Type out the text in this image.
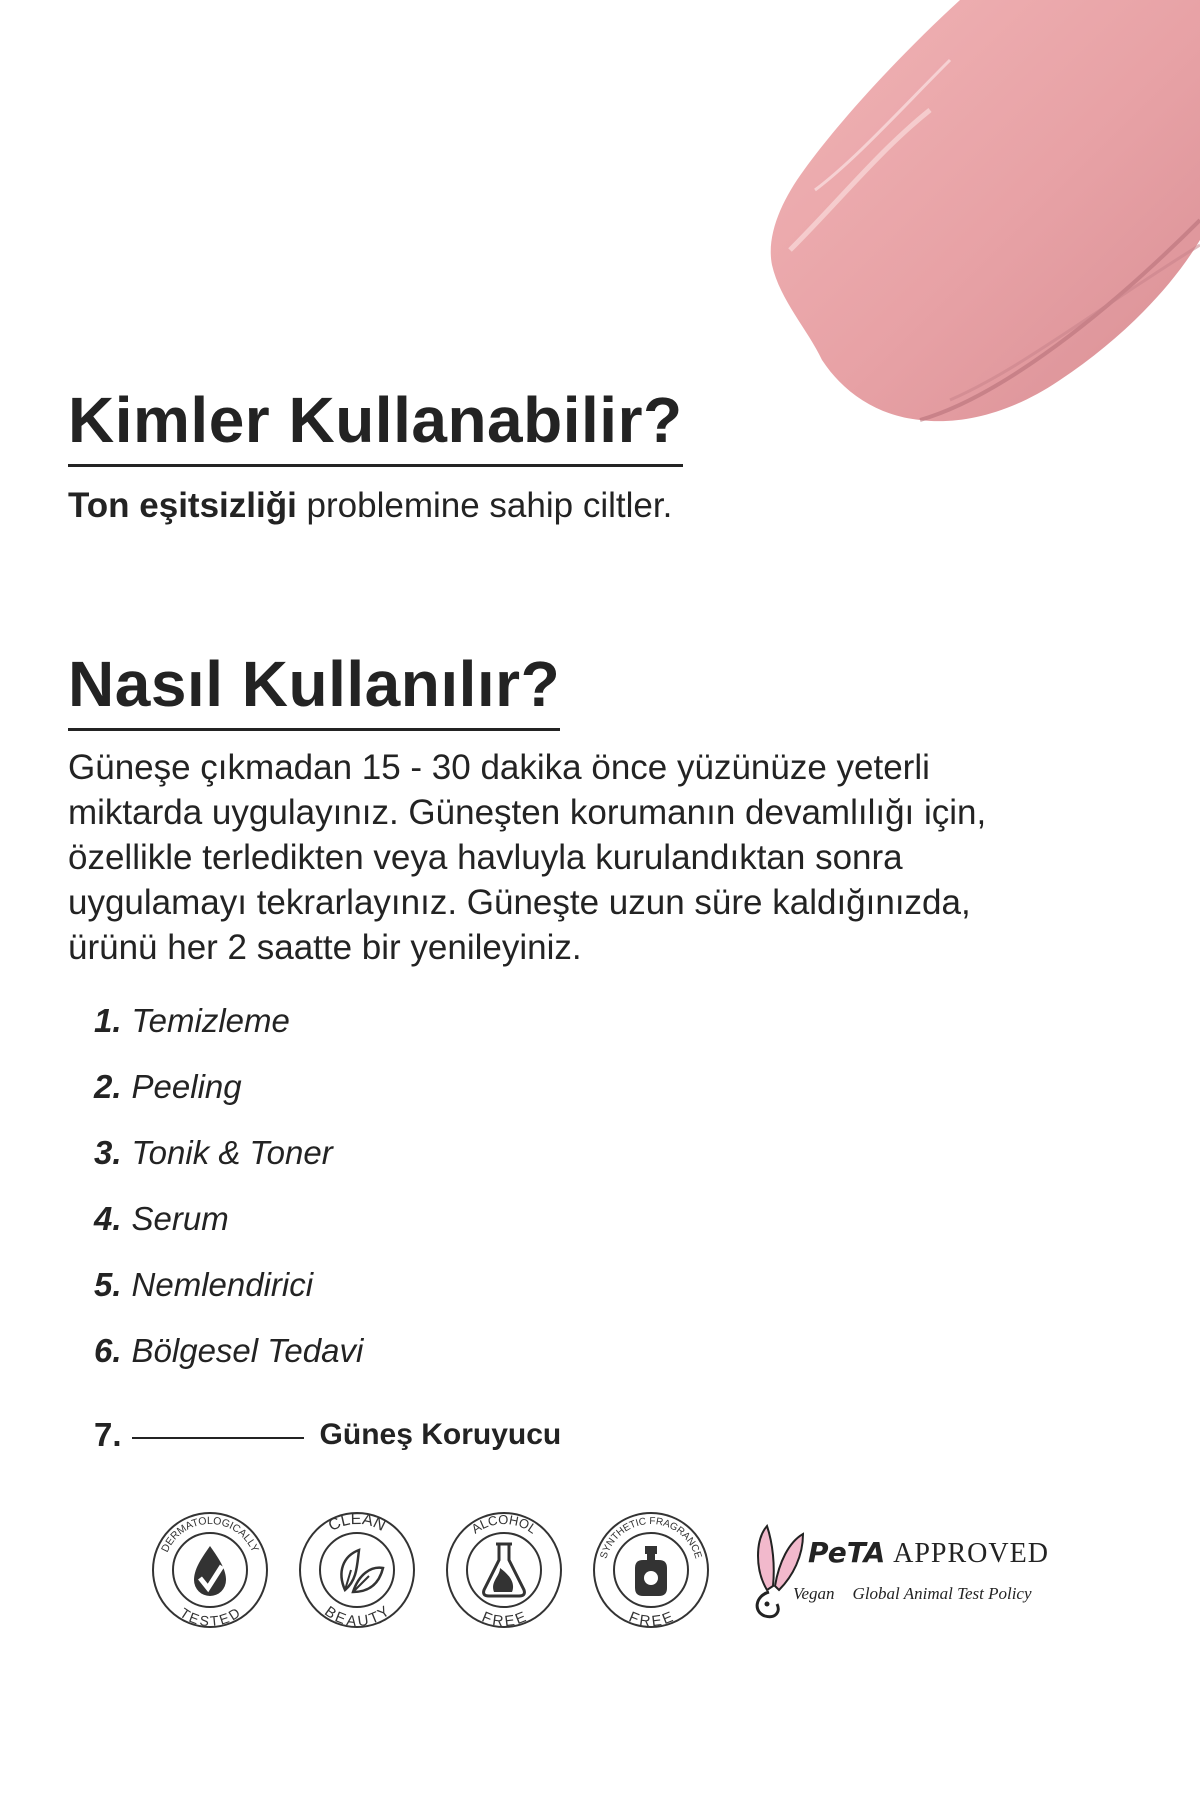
Kimler Kullanabilir?
Ton eşitsizliği problemine sahip ciltler.
Nasıl Kullanılır?

Güneşe çıkmadan 15 - 30 dakika önce yüzünüze yeterli miktarda uygulayınız. Güneşten korumanın devamlılığı için, özellikle terledikten veya havluyla kurulandıktan sonra uygulamayı tekrarlayınız. Güneşte uzun süre kaldığınızda, ürünü her 2 saatte bir yenileyiniz.

1. Temizleme
2. Peeling
3. Tonik & Toner
4. Serum
5. Nemlendirici
6. Bölgesel Tedavi
7.	Güneş Koruyucu
DERMATOLOGICALLY
TESTED
CLEAN
BEAUTY
ALCOHOL
FREE
SYNTHETIC FRAGRANCE
FREE
PeTA APPROVED
Vegan Global Animal Test Policy
